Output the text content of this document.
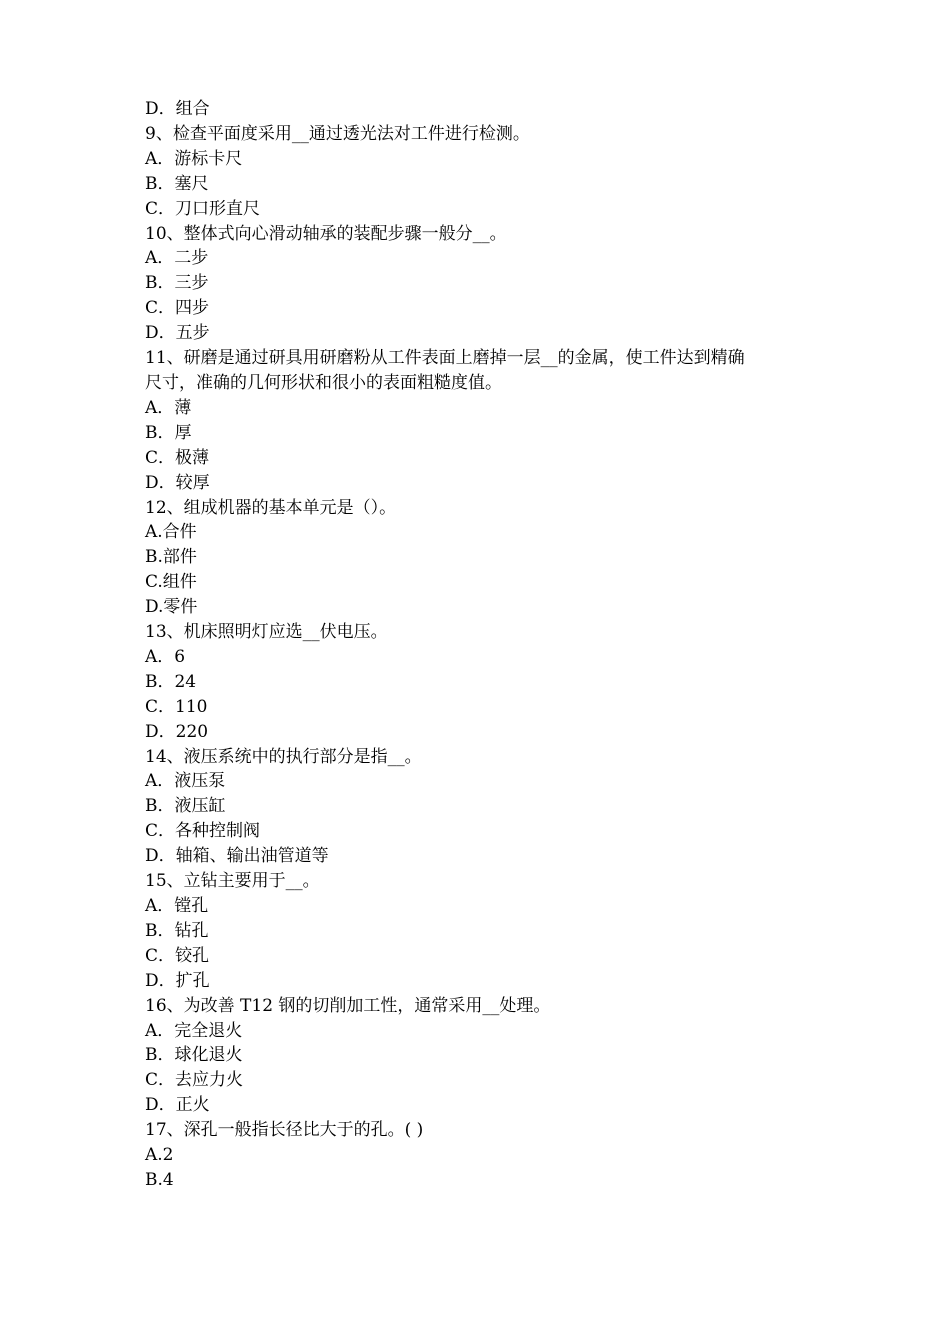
D．组合

9、检查平面度采用__通过透光法对工件进行检测。

A．游标卡尺

B．塞尺

C．刀口形直尺

10、整体式向心滑动轴承的装配步骤一般分__。

A．二步

B．三步

C．四步

D．五步

11、研磨是通过研具用研磨粉从工件表面上磨掉一层__的金属，使工件达到精确

尺寸，准确的几何形状和很小的表面粗糙度值。

A．薄

B．厚

C．极薄

D．较厚

12、组成机器的基本单元是（）。

A.合件

B.部件

C.组件

D.零件

13、机床照明灯应选__伏电压。

A．6

B．24

C．110

D．220

14、液压系统中的执行部分是指__。

A．液压泵

B．液压缸

C．各种控制阀

D．轴箱、输出油管道等

15、立钻主要用于__。

A．镗孔

B．钻孔

C．铰孔

D．扩孔

16、为改善 T12 钢的切削加工性，通常采用__处理。

A．完全退火

B．球化退火

C．去应力火

D．正火

17、深孔一般指长径比大于的孔。( )

A.2

B.4
